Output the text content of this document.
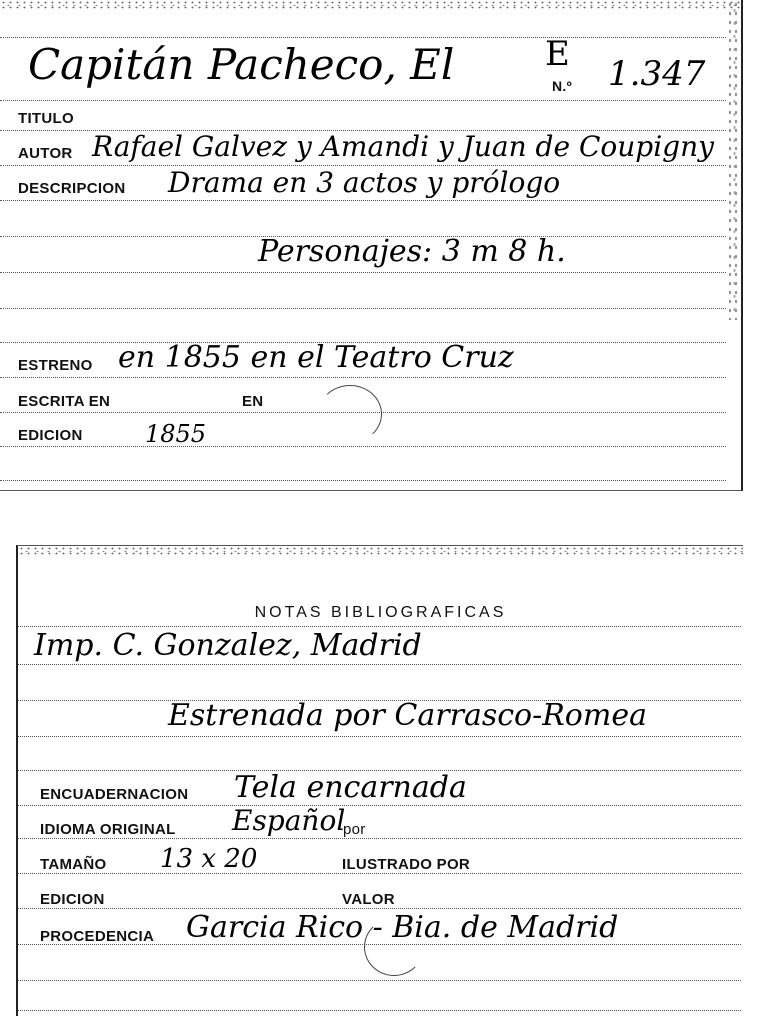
Capitán Pacheco, El	E
N.º 1.347
TITULO
AUTOR Rafael Galvez y Amandi y Juan de Coupigny
DESCRIPCION Drama en 3 actos y prólogo
Personajes: 3 m 8 h.
ESTRENO en 1855 en el Teatro Cruz
ESCRITA EN	EN
EDICION	1855
NOTAS BIBLIOGRAFICAS
Imp. C. Gonzalez, Madrid
Estrenada por Carrasco-Romea
ENCUADERNACION Tela encarnada
IDIOMA ORIGINAL Español
por
TAMAÑO 13 x 20	ILUSTRADO POR
EDICION	VALOR
PROCEDENCIA Garcia Rico - Bia. de Madrid
